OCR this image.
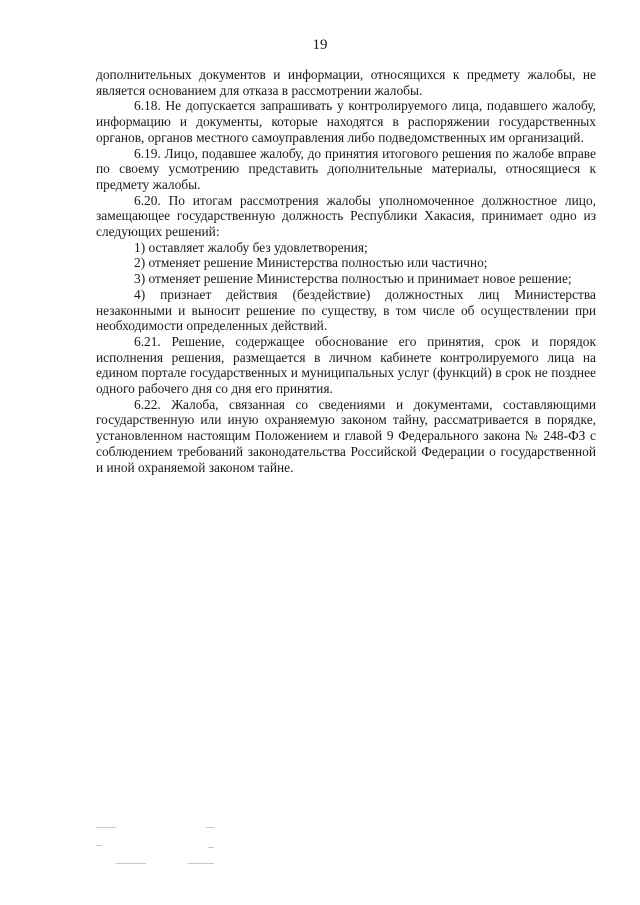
19

дополнительных документов и информации, относящихся к предмету жалобы, не является основанием для отказа в рассмотрении жалобы.

6.18. Не допускается запрашивать у контролируемого лица, подавшего жалобу, информацию и документы, которые находятся в распоряжении государственных органов, органов местного самоуправления либо подведомственных им организаций.

6.19. Лицо, подавшее жалобу, до принятия итогового решения по жалобе вправе по своему усмотрению представить дополнительные материалы, относящиеся к предмету жалобы.

6.20. По итогам рассмотрения жалобы уполномоченное должностное лицо, замещающее государственную должность Республики Хакасия, принимает одно из следующих решений:

1) оставляет жалобу без удовлетворения;

2) отменяет решение Министерства полностью или частично;

3) отменяет решение Министерства полностью и принимает новое решение;

4) признает действия (бездействие) должностных лиц Министерства незаконными и выносит решение по существу, в том числе об осуществлении при необходимости определенных действий.

6.21. Решение, содержащее обоснование его принятия, срок и порядок исполнения решения, размещается в личном кабинете контролируемого лица на едином портале государственных и муниципальных услуг (функций) в срок не позднее одного рабочего дня со дня его принятия.

6.22. Жалоба, связанная со сведениями и документами, составляющими государственную или иную охраняемую законом тайну, рассматривается в порядке, установленном настоящим Положением и главой 9 Федерального закона № 248-ФЗ с соблюдением требований законодательства Российской Федерации о государственной и иной охраняемой законом тайне.
